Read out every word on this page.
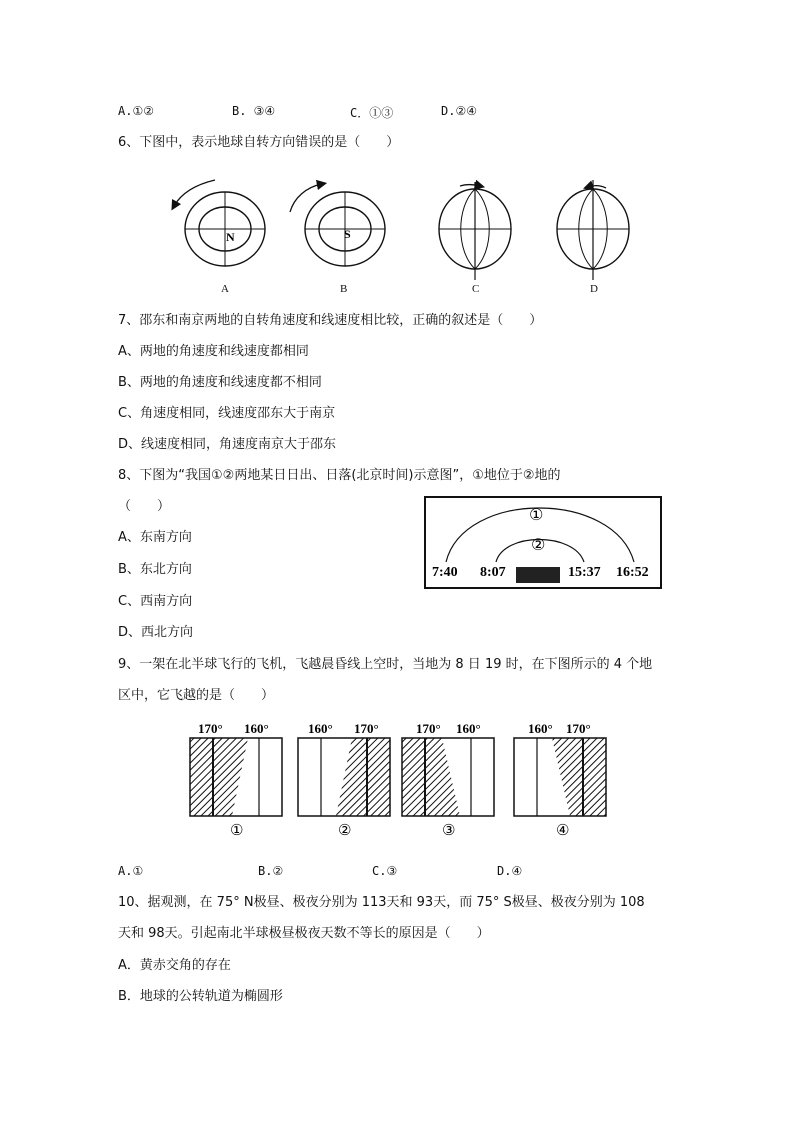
A.①②	B. ③④	C．①③	D.②④
6、下图中，表示地球自转方向错误的是（　　）
N	S
A	B	C	D
7、邵东和南京两地的自转角速度和线速度相比较，正确的叙述是（　　）
A、两地的角速度和线速度都相同
B、两地的角速度和线速度都不相同
C、角速度相同，线速度邵东大于南京
D、线速度相同，角速度南京大于邵东
8、下图为“我国①②两地某日日出、日落(北京时间)示意图”，①地位于②地的
（　　）
A、东南方向
B、东北方向
C、西南方向
D、西北方向
①
②
7:40 8:07	15:37 16:52
9、一架在北半球飞行的飞机，飞越晨昏线上空时，当地为 8 日 19 时，在下图所示的 4 个地
区中，它飞越的是（　　）
170° 160°
①
160° 170°
②
170° 160°
③
160° 170°
④
A.①	B.②	C.③	D.④
10、据观测，在 75° N极昼、极夜分别为 113天和 93天，而 75° S极昼、极夜分别为 108
天和 98天。引起南北半球极昼极夜天数不等长的原因是（　　）
A．黄赤交角的存在
B．地球的公转轨道为椭圆形
